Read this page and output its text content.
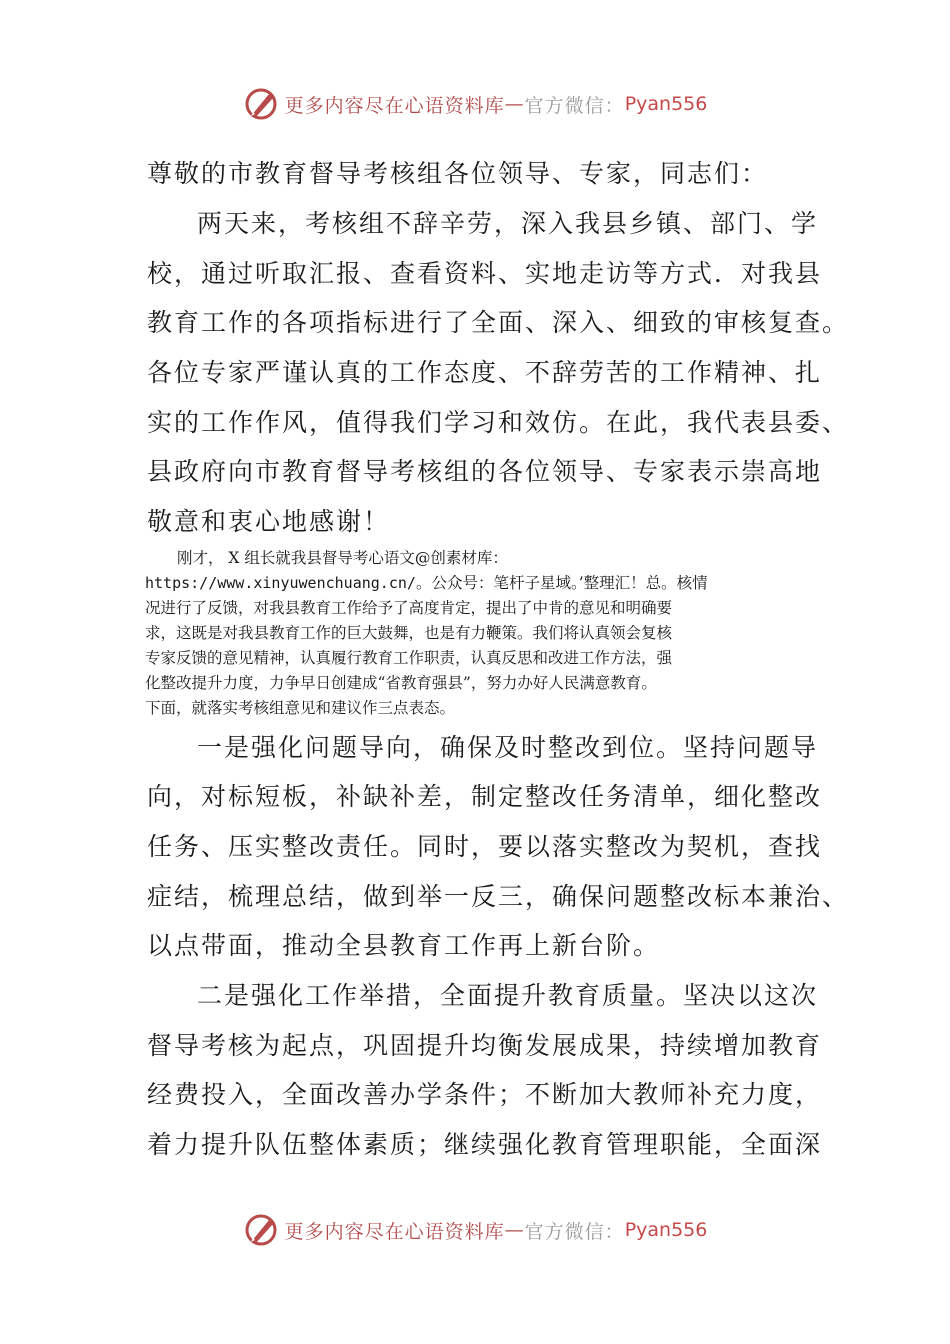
更多内容尽在心语资料库 — 官方微信： Pyan556
尊敬的市教育督导考核组各位领导、专家，同志们：
两天来，考核组不辞辛劳，深入我县乡镇、部门、学
校，通过听取汇报、查看资料、实地走访等方式．对我县
教育工作的各项指标进行了全面、深入、细致的审核复查。
各位专家严谨认真的工作态度、不辞劳苦的工作精神、扎
实的工作作风，值得我们学习和效仿。在此，我代表县委、
县政府向市教育督导考核组的各位领导、专家表示崇高地
敬意和衷心地感谢！
刚才， X 组长就我县督导考心语文@创素材库：
https://www.xinyuwenchuang.cn/。公众号：笔杆子星域。’整理汇！总。核情
况进行了反馈，对我县教育工作给予了高度肯定，提出了中肯的意见和明确要
求，这既是对我县教育工作的巨大鼓舞，也是有力鞭策。我们将认真领会复核
专家反馈的意见精神，认真履行教育工作职责，认真反思和改进工作方法，强
化整改提升力度，力争早日创建成“省教育强县”，努力办好人民满意教育。
下面，就落实考核组意见和建议作三点表态。
一是强化问题导向，确保及时整改到位。坚持问题导
向，对标短板，补缺补差，制定整改任务清单，细化整改
任务、压实整改责任。同时，要以落实整改为契机，查找
症结，梳理总结，做到举一反三，确保问题整改标本兼治、
以点带面，推动全县教育工作再上新台阶。
二是强化工作举措，全面提升教育质量。坚决以这次
督导考核为起点，巩固提升均衡发展成果，持续增加教育
经费投入，全面改善办学条件；不断加大教师补充力度，
着力提升队伍整体素质；继续强化教育管理职能，全面深
更多内容尽在心语资料库 — 官方微信： Pyan556
